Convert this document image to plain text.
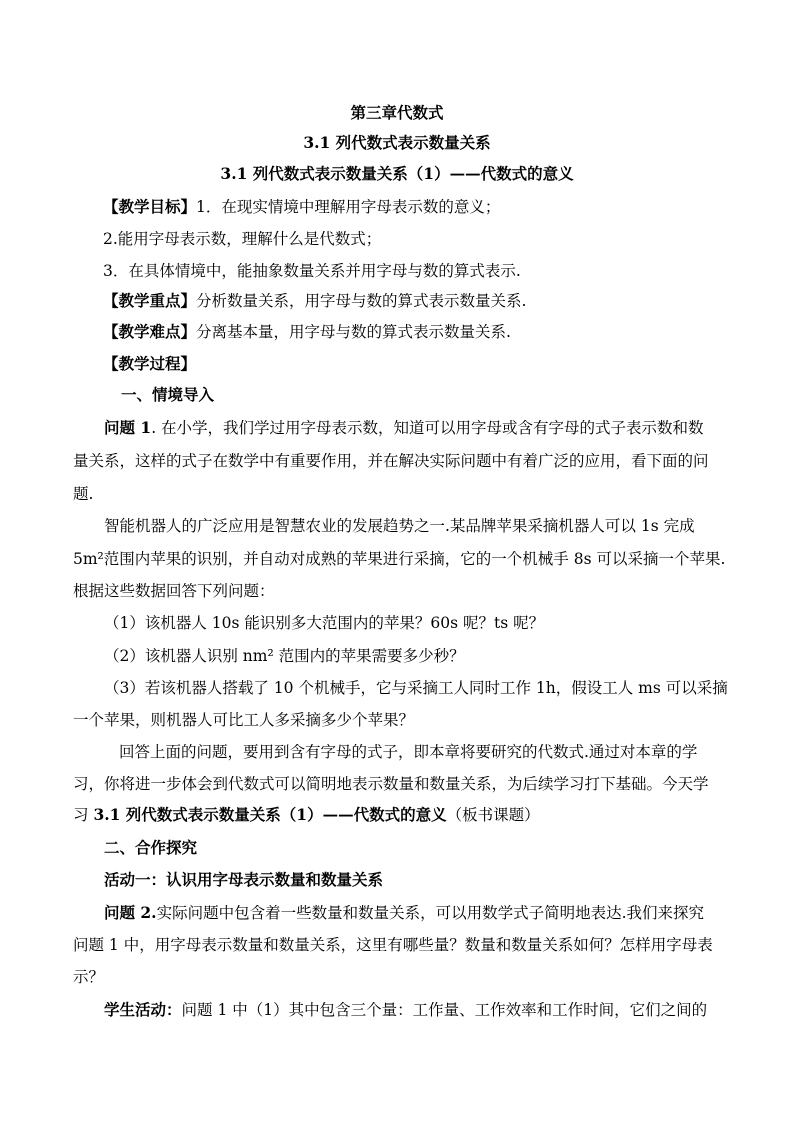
第三章代数式
3.1 列代数式表示数量关系
3.1 列代数式表示数量关系（1）——代数式的意义
【教学目标】1．在现实情境中理解用字母表示数的意义；
2.能用字母表示数，理解什么是代数式；
3．在具体情境中，能抽象数量关系并用字母与数的算式表示.
【教学重点】分析数量关系，用字母与数的算式表示数量关系.
【教学难点】分离基本量，用字母与数的算式表示数量关系.
【教学过程】
一、情境导入
问题 1. 在小学，我们学过用字母表示数，知道可以用字母或含有字母的式子表示数和数
量关系，这样的式子在数学中有重要作用，并在解决实际问题中有着广泛的应用，看下面的问
题.
智能机器人的广泛应用是智慧农业的发展趋势之一.某品牌苹果采摘机器人可以 1s 完成
5m²范围内苹果的识别，并自动对成熟的苹果进行采摘，它的一个机械手 8s 可以采摘一个苹果.
根据这些数据回答下列问题：
（1）该机器人 10s 能识别多大范围内的苹果？60s 呢？ts 呢？
（2）该机器人识别 nm² 范围内的苹果需要多少秒？
（3）若该机器人搭载了 10 个机械手，它与采摘工人同时工作 1h，假设工人 ms 可以采摘
一个苹果，则机器人可比工人多采摘多少个苹果？
回答上面的问题，要用到含有字母的式子，即本章将要研究的代数式.通过对本章的学
习，你将进一步体会到代数式可以简明地表示数量和数量关系，为后续学习打下基础。今天学
习 3.1 列代数式表示数量关系（1）——代数式的意义（板书课题）
二、合作探究
活动一：认识用字母表示数量和数量关系
问题 2.实际问题中包含着一些数量和数量关系，可以用数学式子简明地表达.我们来探究
问题 1 中，用字母表示数量和数量关系，这里有哪些量？数量和数量关系如何？怎样用字母表
示？
学生活动：问题 1 中（1）其中包含三个量：工作量、工作效率和工作时间，它们之间的
